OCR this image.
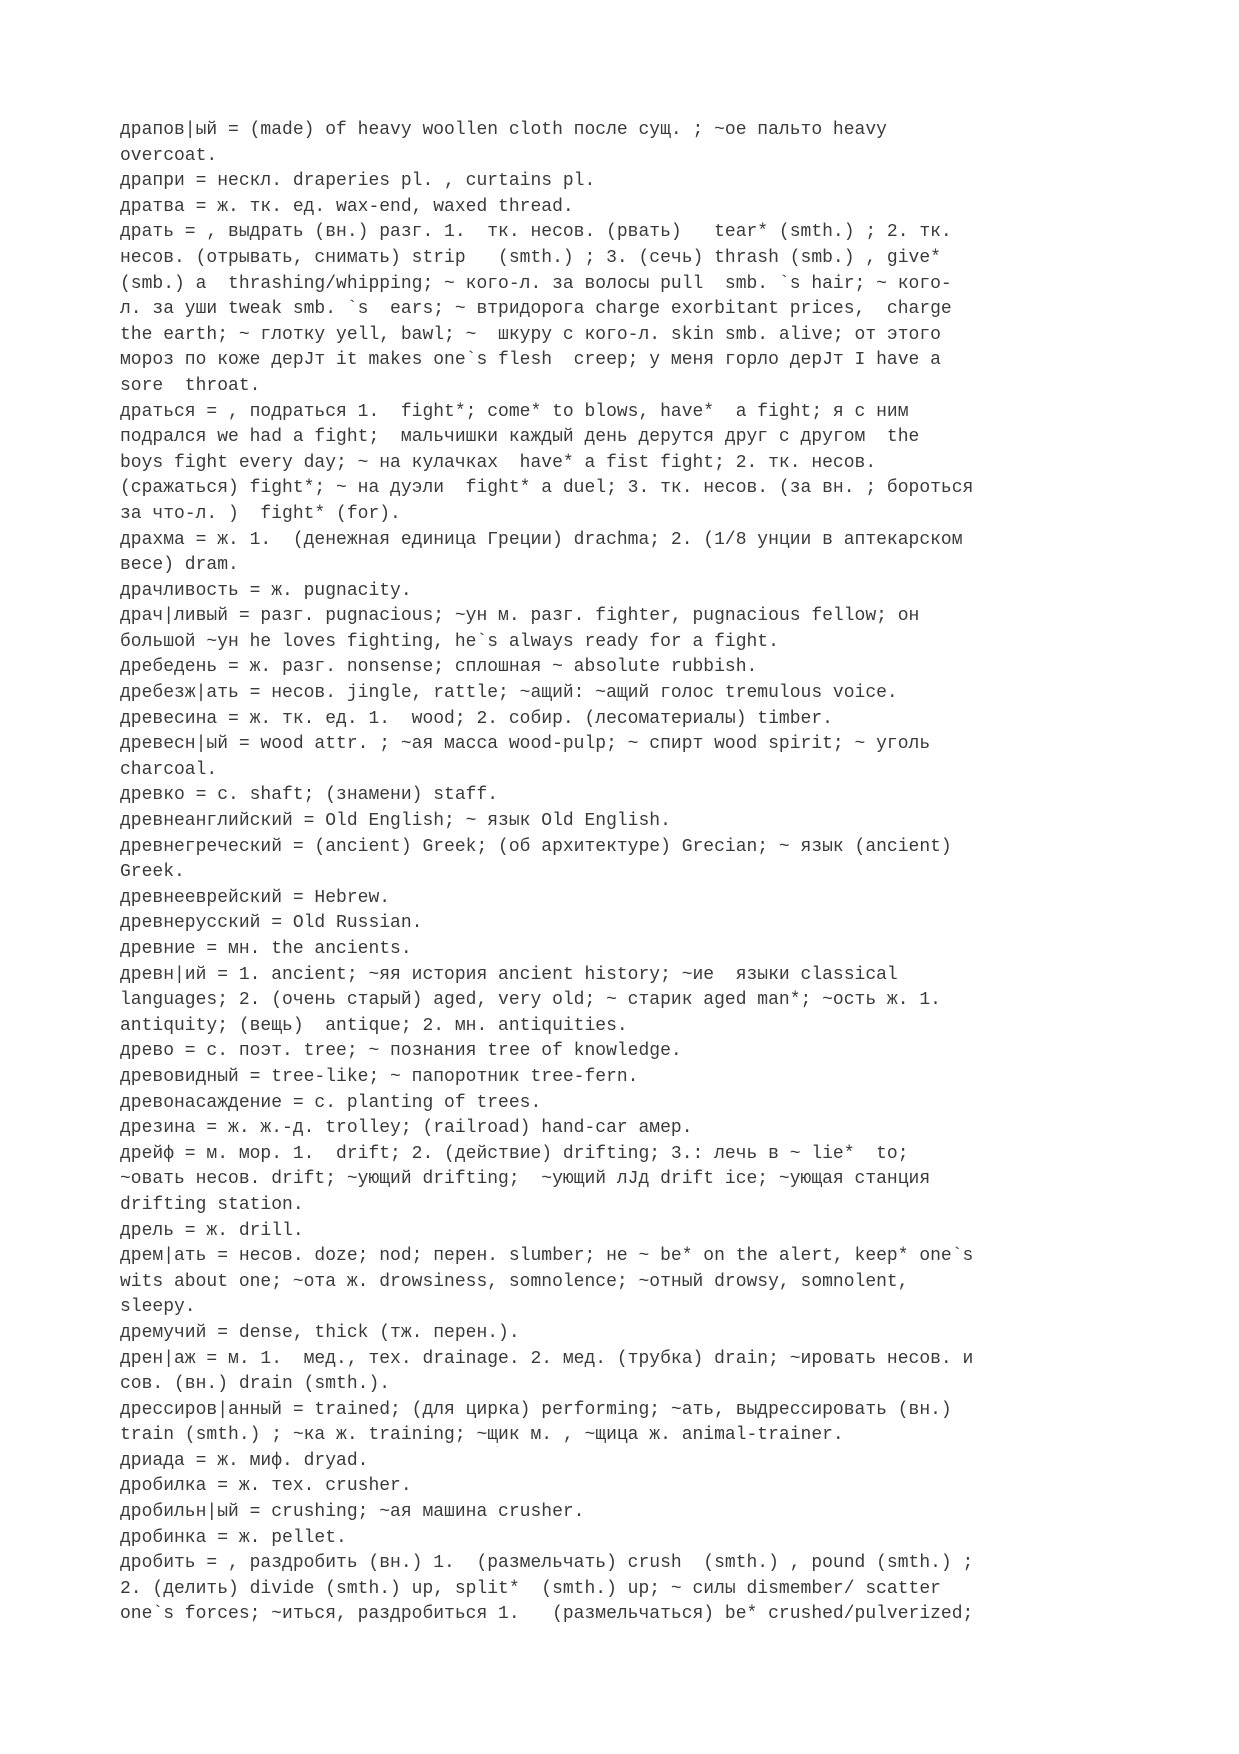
драпов|ый = (made) of heavy woollen cloth после сущ. ; ~ое пальто heavy
overcoat.

драпри = нескл. draperies pl. , curtains pl.

дратва = ж. тк. ед. wax-end, waxed thread.

драть = , выдрать (вн.) разг. 1.  тк. несов. (рвать)   tear* (smth.) ; 2. тк.
несов. (отрывать, снимать) strip   (smth.) ; 3. (сечь) thrash (smb.) , give*
(smb.) a  thrashing/whipping; ~ кого-л. за волосы pull  smb. `s hair; ~ кого-
л. за уши tweak smb. `s  ears; ~ втридорога charge exorbitant prices,  charge
the earth; ~ глотку yell, bawl; ~  шкуру с кого-л. skin smb. alive; от этого
мороз по коже дерЈт it makes one`s flesh  creep; у меня горло дерЈт I have a
sore  throat.

драться = , подраться 1.  fight*; come* to blows, have*  a fight; я с ним
подрался we had a fight;  мальчишки каждый день дерутся друг с другом  the
boys fight every day; ~ на кулачках  have* a fist fight; 2. тк. несов.
(сражаться) fight*; ~ на дуэли  fight* a duel; 3. тк. несов. (за вн. ; бороться
за что-л. )  fight* (for).

драхма = ж. 1.  (денежная единица Греции) drachma; 2. (1/8 унции в аптекарском
весе) dram.

драчливость = ж. pugnacity.

драч|ливый = разг. pugnacious; ~ун м. разг. fighter, pugnacious fellow; он
большой ~ун he loves fighting, he`s always ready for a fight.

дребедень = ж. разг. nonsense; сплошная ~ absolute rubbish.

дребезж|ать = несов. jingle, rattle; ~ащий: ~ащий голос tremulous voice.

древесина = ж. тк. ед. 1.  wood; 2. собир. (лесоматериалы) timber.

древесн|ый = wood attr. ; ~ая масса wood-pulp; ~ спирт wood spirit; ~ уголь
charcoal.

древко = с. shaft; (знамени) staff.

древнеанглийский = Old English; ~ язык Old English.

древнегреческий = (ancient) Greek; (об архитектуре) Grecian; ~ язык (ancient)
Greek.

древнееврейский = Hebrew.

древнерусский = Old Russian.

древние = мн. the ancients.

древн|ий = 1. ancient; ~яя история ancient history; ~ие  языки classical
languages; 2. (очень старый) aged, very old; ~ старик aged man*; ~ость ж. 1.
antiquity; (вещь)  antique; 2. мн. antiquities.

древо = с. поэт. tree; ~ познания tree of knowledge.

древовидный = tree-like; ~ папоротник tree-fern.

древонасаждение = с. planting of trees.

дрезина = ж. ж.-д. trolley; (railroad) hand-car амер.

дрейф = м. мор. 1.  drift; 2. (действие) drifting; 3.: лечь в ~ lie*  to;
~овать несов. drift; ~ующий drifting;  ~ующий лЈд drift ice; ~ующая станция
drifting station.

дрель = ж. drill.

дрем|ать = несов. doze; nod; перен. slumber; не ~ be* on the alert, keep* one`s
wits about one; ~ота ж. drowsiness, somnolence; ~отный drowsy, somnolent,
sleepy.

дремучий = dense, thick (тж. перен.).

дрен|аж = м. 1.  мед., тех. drainage. 2. мед. (трубка) drain; ~ировать несов. и
сов. (вн.) drain (smth.).

дрессиров|анный = trained; (для цирка) performing; ~ать, выдрессировать (вн.)
train (smth.) ; ~ка ж. training; ~щик м. , ~щица ж. animal-trainer.

дриада = ж. миф. dryad.

дробилка = ж. тех. crusher.

дробильн|ый = crushing; ~ая машина crusher.

дробинка = ж. pellet.

дробить = , раздробить (вн.) 1.  (размельчать) crush  (smth.) , pound (smth.) ;
2. (делить) divide (smth.) up, split*  (smth.) up; ~ силы dismember/ scatter
one`s forces; ~иться, раздробиться 1.   (размельчаться) be* crushed/pulverized;
